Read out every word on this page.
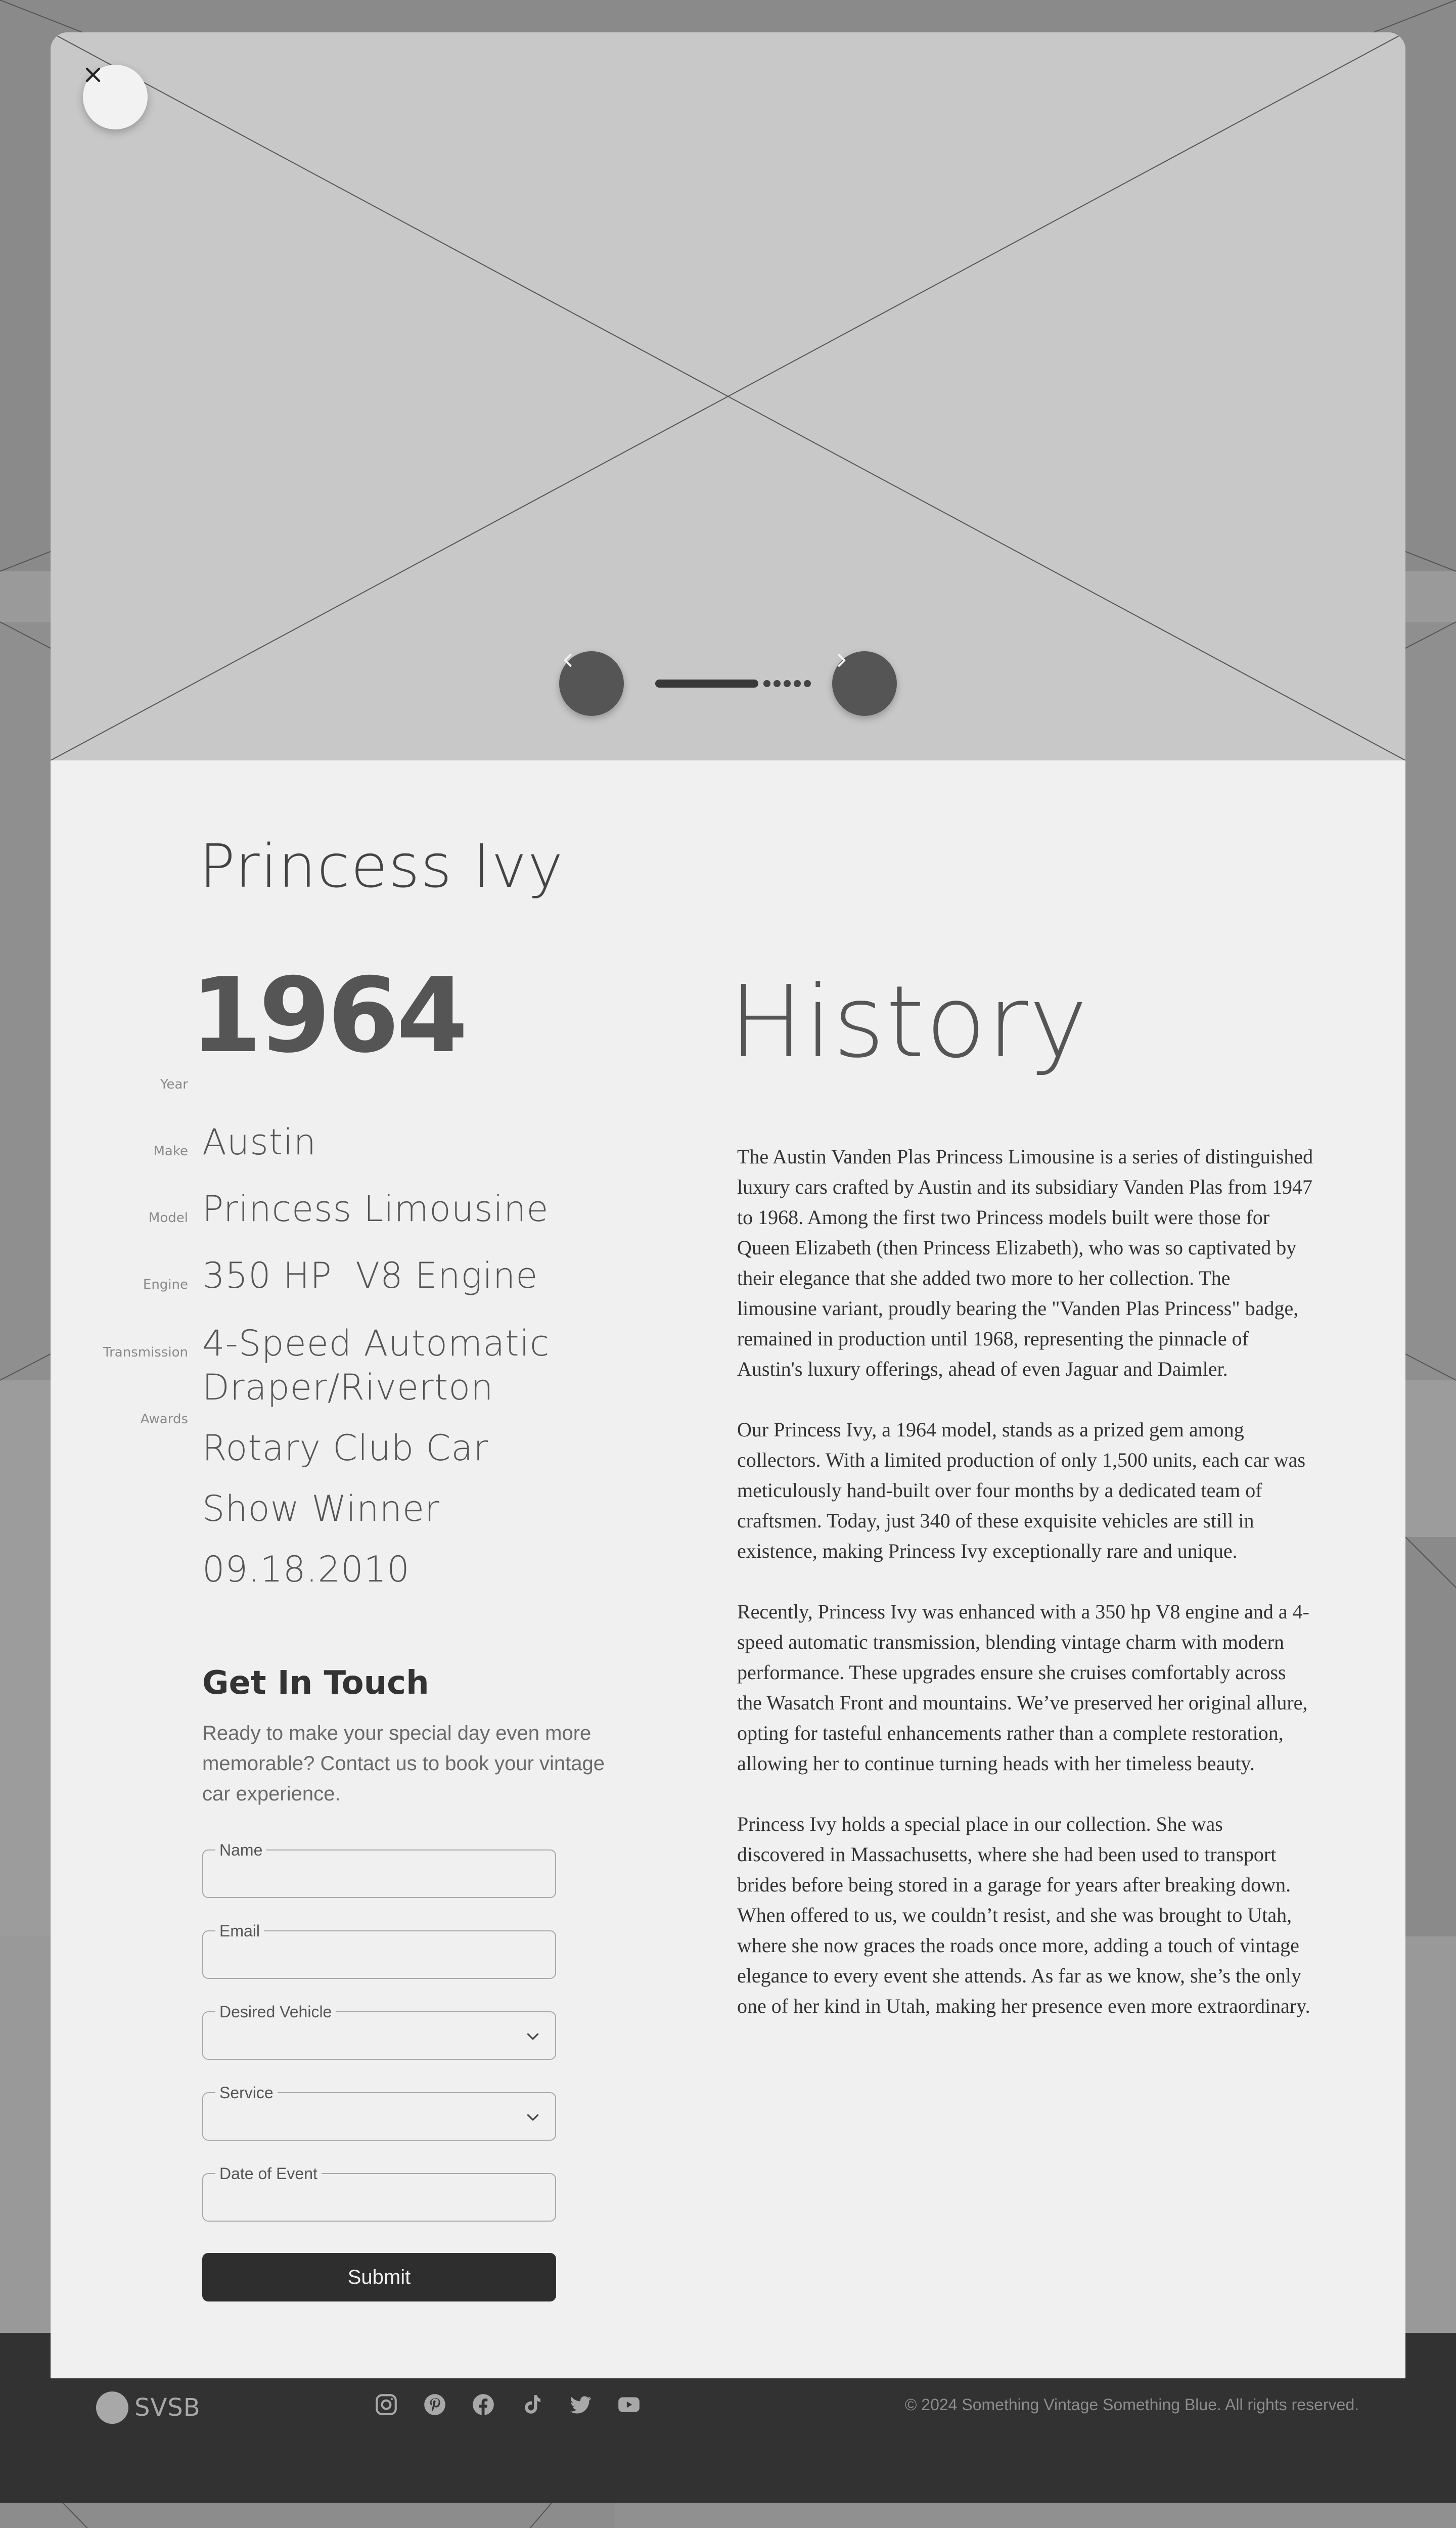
SVSB	© 2024 Something Vintage Something Blue. All rights reserved.
Princess Ivy
Year
1964
Make Austin
Model Princess Limousine
Engine 350 HP  V8 Engine
Transmission 4-Speed Automatic
Awards
Draper/Riverton
Rotary Club Car
Show Winner
09.18.2010
Get In Touch

Ready to make your special day even more memorable? Contact us to book your vintage car experience.

Name
Email
Desired Vehicle
Service
Date of Event
Submit
History

The Austin Vanden Plas Princess Limousine is a series of distinguished luxury cars crafted by Austin and its subsidiary Vanden Plas from 1947 to 1968. Among the first two Princess models built were those for Queen Elizabeth (then Princess Elizabeth), who was so captivated by their elegance that she added two more to her collection. The limousine variant, proudly bearing the "Vanden Plas Princess" badge, remained in production until 1968, representing the pinnacle of Austin's luxury offerings, ahead of even Jaguar and Daimler.

Our Princess Ivy, a 1964 model, stands as a prized gem among collectors. With a limited production of only 1,500 units, each car was meticulously hand-built over four months by a dedicated team of craftsmen. Today, just 340 of these exquisite vehicles are still in existence, making Princess Ivy exceptionally rare and unique.

Recently, Princess Ivy was enhanced with a 350 hp V8 engine and a 4-speed automatic transmission, blending vintage charm with modern performance. These upgrades ensure she cruises comfortably across the Wasatch Front and mountains. We’ve preserved her original allure, opting for tasteful enhancements rather than a complete restoration, allowing her to continue turning heads with her timeless beauty.

Princess Ivy holds a special place in our collection. She was discovered in Massachusetts, where she had been used to transport brides before being stored in a garage for years after breaking down. When offered to us, we couldn’t resist, and she was brought to Utah, where she now graces the roads once more, adding a touch of vintage elegance to every event she attends. As far as we know, she’s the only one of her kind in Utah, making her presence even more extraordinary.
